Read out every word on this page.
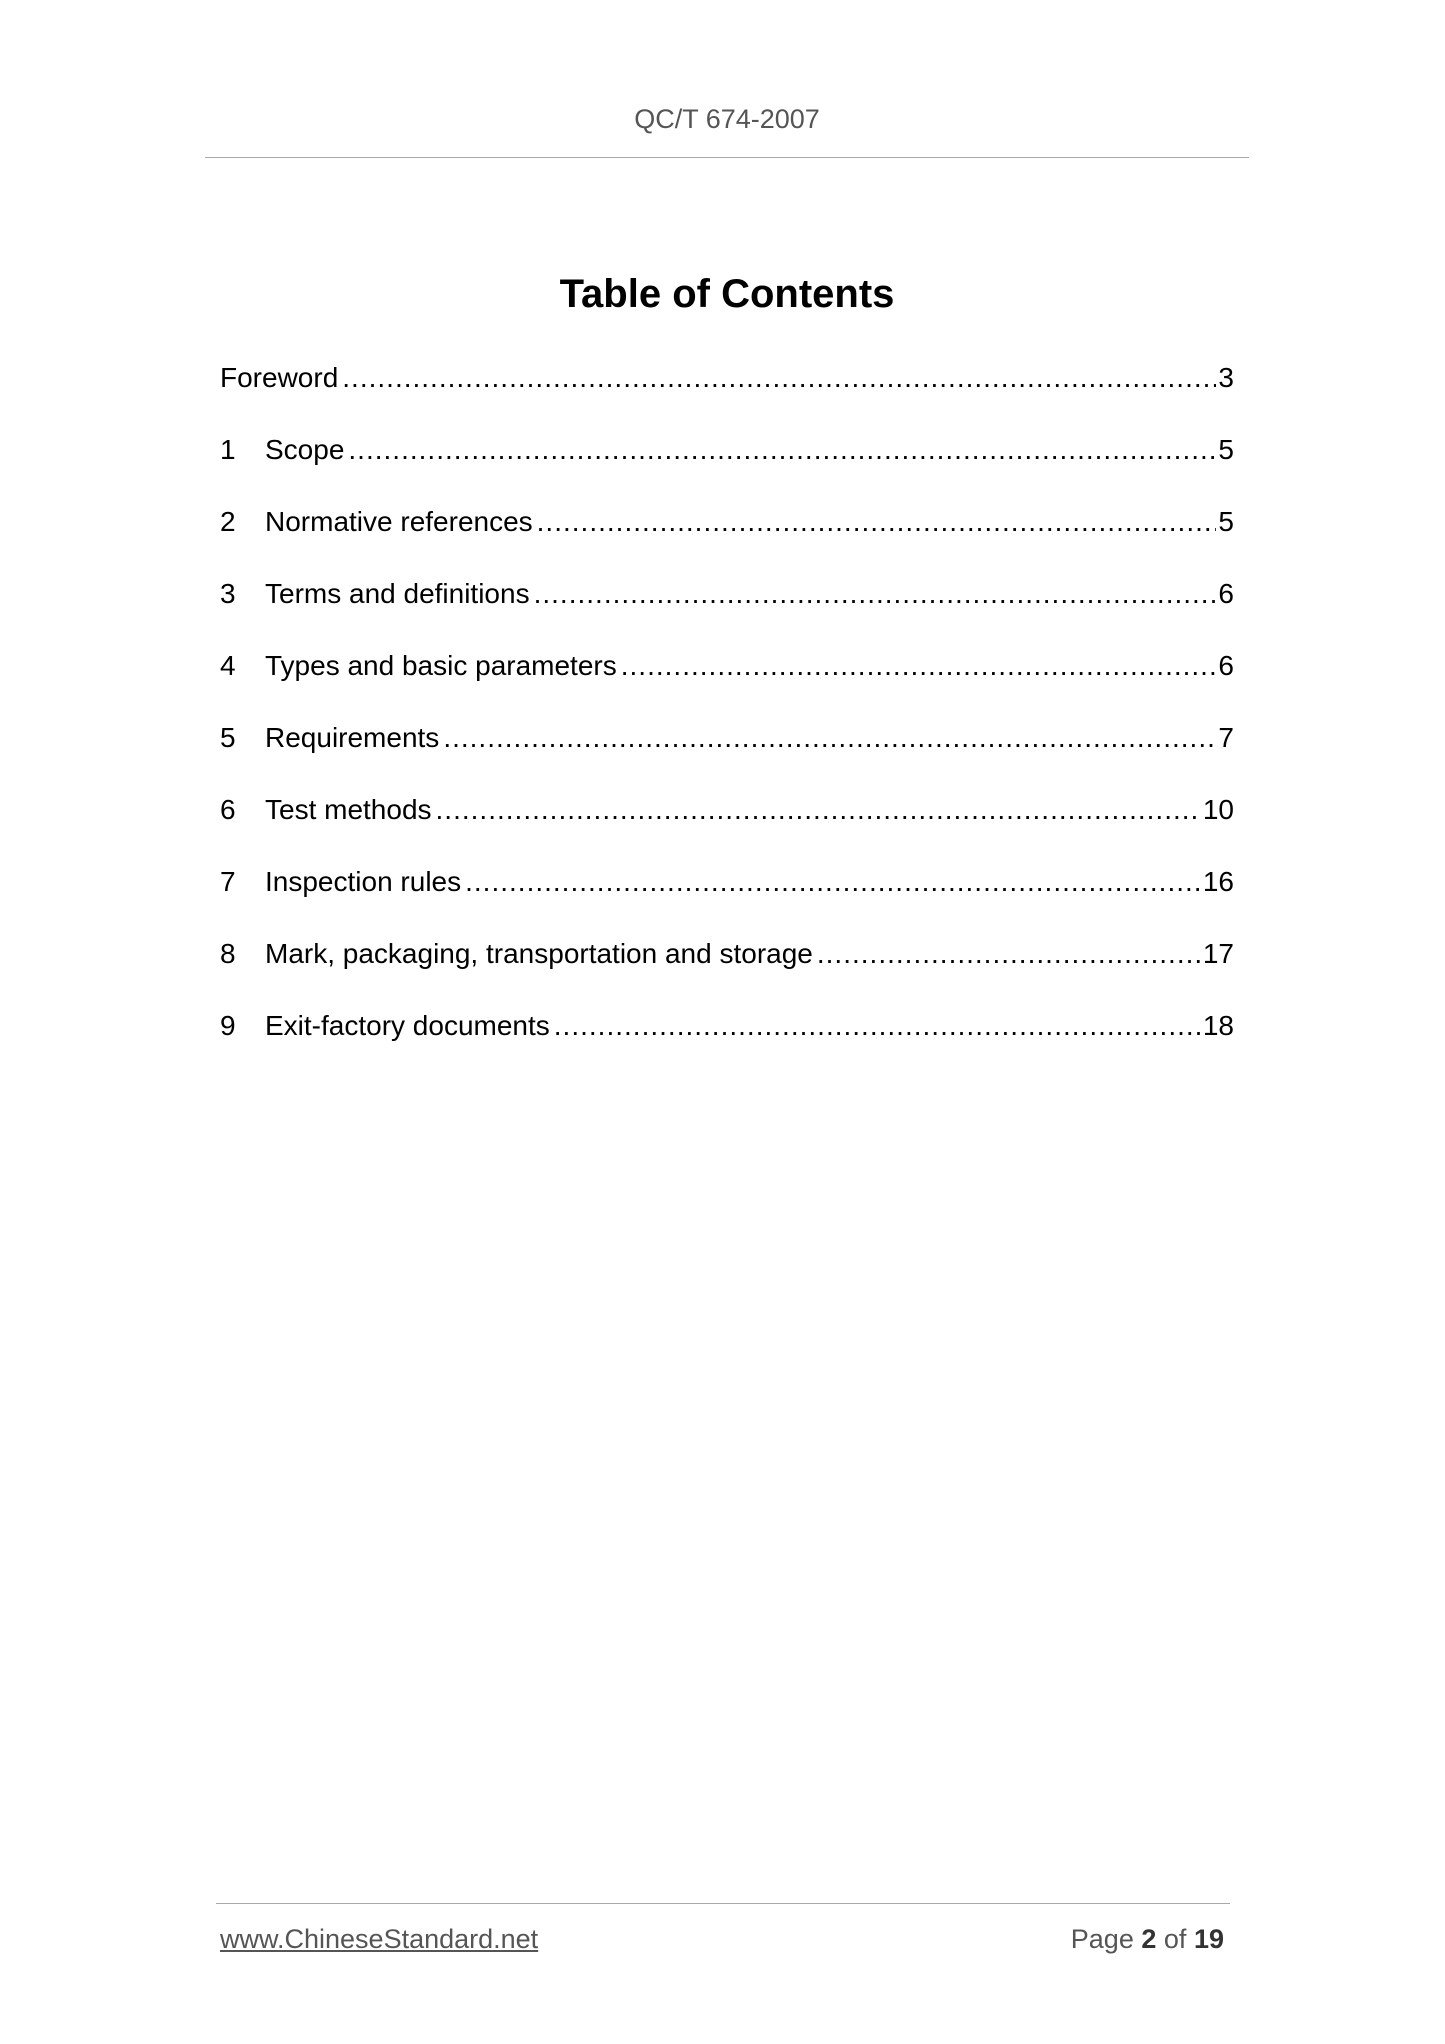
QC/T 674-2007
Table of Contents
Foreword .....	3
1	Scope .....	5
2	Normative references .....	5
3	Terms and definitions .....	6
4	Types and basic parameters .....	6
5	Requirements .....	7
6	Test methods .....	10
7	Inspection rules .....	16
8	Mark, packaging, transportation and storage .....	17
9	Exit-factory documents .....	18
www.ChineseStandard.net	Page 2 of 19
